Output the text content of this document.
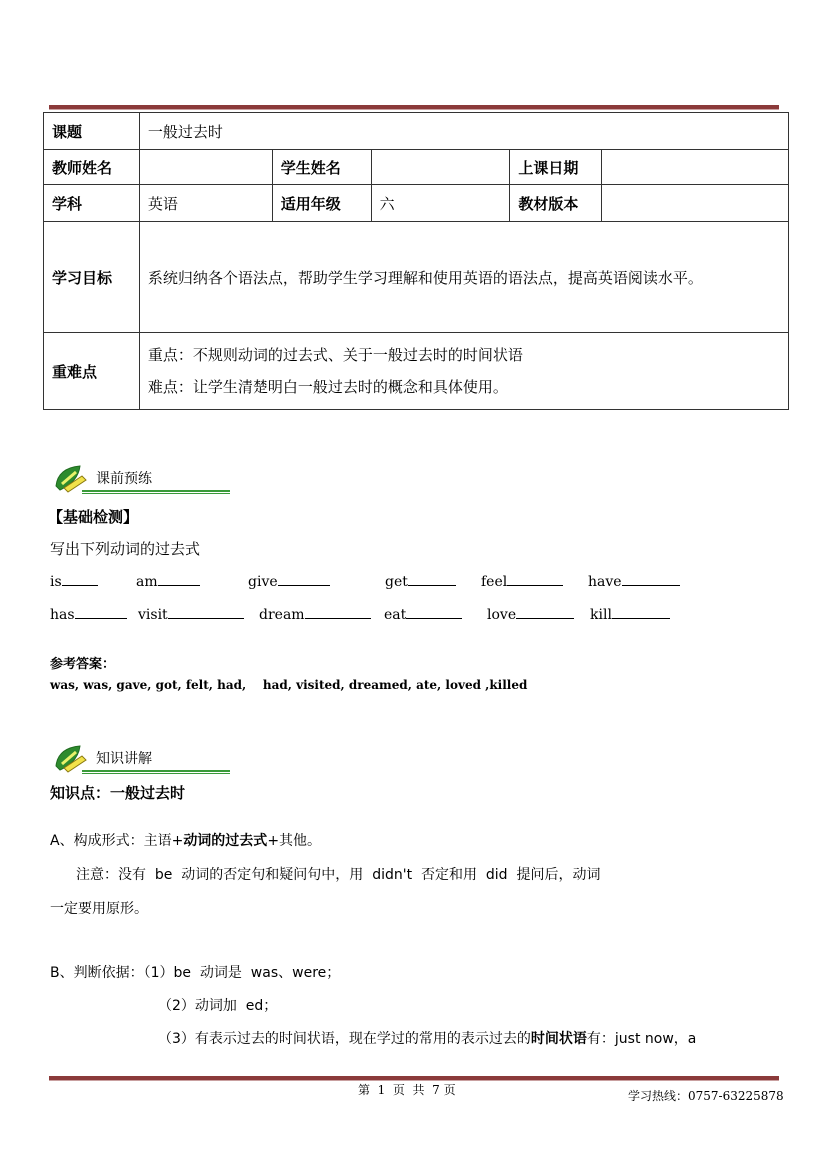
课题	一般过去时				
教师姓名		学生姓名		上课日期	
学科	英语	适用年级	六	教材版本	
学习目标	系统归纳各个语法点，帮助学生学习理解和使用英语的语法点，提高英语阅读水平。				
重难点	重点：不规则动词的过去式、关于一般过去时的时间状语
难点：让学生清楚明白一般过去时的概念和具体使用。				
课前预练
【基础检测】
写出下列动词的过去式
is	am	give	get	feel	have
has	visit	dream	eat	love	kill
参考答案：
was, was, gave, got, felt, had,    had, visited, dreamed, ate, loved ,killed
知识讲解
知识点：一般过去时
A、构成形式：主语+动词的过去式+其他。
注意：没有  be  动词的否定句和疑问句中，用  didn't  否定和用  did  提问后，动词
一定要用原形。
B、判断依据：（1）be  动词是  was、were；
（2）动词加  ed；
（3）有表示过去的时间状语，现在学过的常用的表示过去的时间状语有：just now，a
第  1  页  共  7 页	学习热线：0757-63225878
